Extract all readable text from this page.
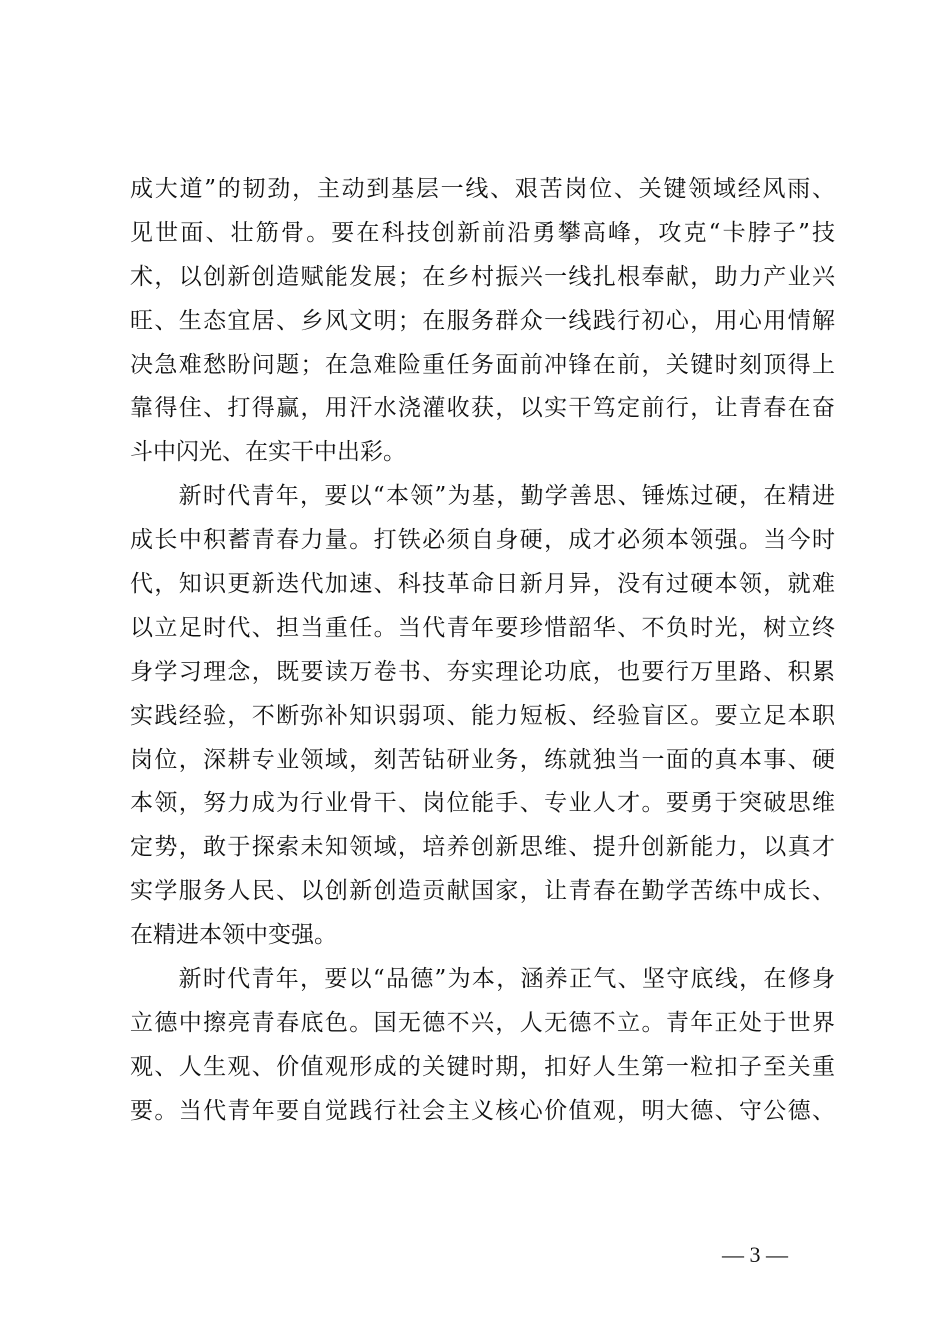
成大道”的韧劲，主动到基层一线、艰苦岗位、关键领域经风雨、
见世面、壮筋骨。要在科技创新前沿勇攀高峰，攻克“卡脖子”技
术，以创新创造赋能发展；在乡村振兴一线扎根奉献，助力产业兴
旺、生态宜居、乡风文明；在服务群众一线践行初心，用心用情解
决急难愁盼问题；在急难险重任务面前冲锋在前，关键时刻顶得上
靠得住、打得赢，用汗水浇灌收获，以实干笃定前行，让青春在奋
斗中闪光、在实干中出彩。
　　新时代青年，要以“本领”为基，勤学善思、锤炼过硬，在精进
成长中积蓄青春力量。打铁必须自身硬，成才必须本领强。当今时
代，知识更新迭代加速、科技革命日新月异，没有过硬本领，就难
以立足时代、担当重任。当代青年要珍惜韶华、不负时光，树立终
身学习理念，既要读万卷书、夯实理论功底，也要行万里路、积累
实践经验，不断弥补知识弱项、能力短板、经验盲区。要立足本职
岗位，深耕专业领域，刻苦钻研业务，练就独当一面的真本事、硬
本领，努力成为行业骨干、岗位能手、专业人才。要勇于突破思维
定势，敢于探索未知领域，培养创新思维、提升创新能力，以真才
实学服务人民、以创新创造贡献国家，让青春在勤学苦练中成长、
在精进本领中变强。
　　新时代青年，要以“品德”为本，涵养正气、坚守底线，在修身
立德中擦亮青春底色。国无德不兴，人无德不立。青年正处于世界
观、人生观、价值观形成的关键时期，扣好人生第一粒扣子至关重
要。当代青年要自觉践行社会主义核心价值观，明大德、守公德、
— 3 —
